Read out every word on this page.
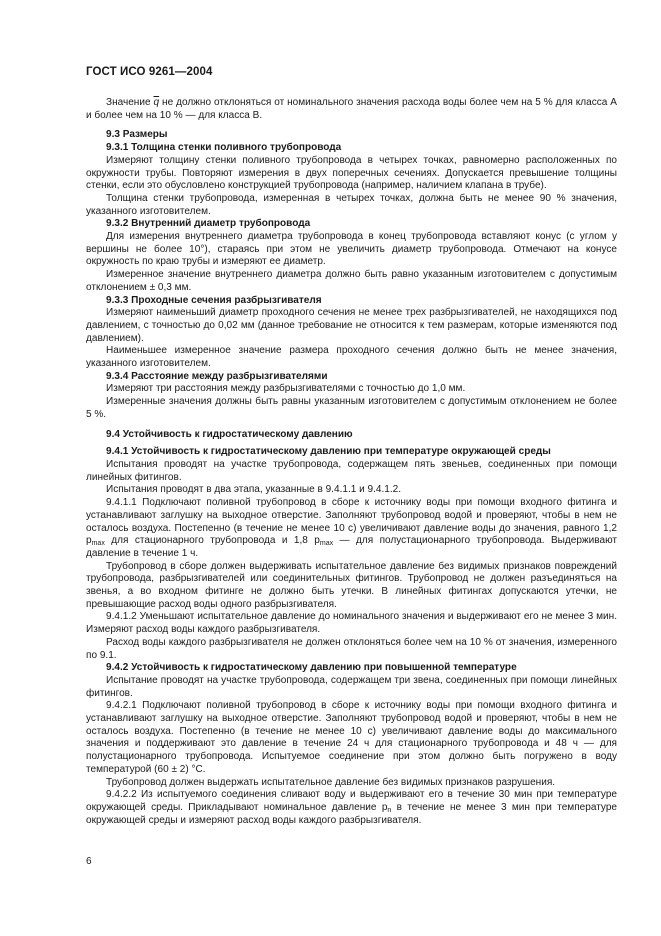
ГОСТ ИСО 9261—2004

Значение $\overline{q}$ не должно отклоняться от номинального значения расхода воды более чем на 5 % для класса А и более чем на 10 % — для класса В.

9.3 Размеры

9.3.1 Толщина стенки поливного трубопровода

Измеряют толщину стенки поливного трубопровода в четырех точках, равномерно расположенных по окружности трубы. Повторяют измерения в двух поперечных сечениях. Допускается превышение толщины стенки, если это обусловлено конструкцией трубопровода (например, наличием клапана в трубе).

Толщина стенки трубопровода, измеренная в четырех точках, должна быть не менее 90 % значения, указанного изготовителем.

9.3.2 Внутренний диаметр трубопровода

Для измерения внутреннего диаметра трубопровода в конец трубопровода вставляют конус (с углом у вершины не более 10°), стараясь при этом не увеличить диаметр трубопровода. Отмечают на конусе окружность по краю трубы и измеряют ее диаметр.

Измеренное значение внутреннего диаметра должно быть равно указанным изготовителем с допустимым отклонением ± 0,3 мм.

9.3.3 Проходные сечения разбрызгивателя

Измеряют наименьший диаметр проходного сечения не менее трех разбрызгивателей, не находящихся под давлением, с точностью до 0,02 мм (данное требование не относится к тем размерам, которые изменяются под давлением).

Наименьшее измеренное значение размера проходного сечения должно быть не менее значения, указанного изготовителем.

9.3.4 Расстояние между разбрызгивателями

Измеряют три расстояния между разбрызгивателями с точностью до 1,0 мм.

Измеренные значения должны быть равны указанным изготовителем с допустимым отклонением не более 5 %.

9.4 Устойчивость к гидростатическому давлению

9.4.1 Устойчивость к гидростатическому давлению при температуре окружающей среды

Испытания проводят на участке трубопровода, содержащем пять звеньев, соединенных при помощи линейных фитингов.

Испытания проводят в два этапа, указанные в 9.4.1.1 и 9.4.1.2.

9.4.1.1 Подключают поливной трубопровод в сборе к источнику воды при помощи входного фитинга и устанавливают заглушку на выходное отверстие. Заполняют трубопровод водой и проверяют, чтобы в нем не осталось воздуха. Постепенно (в течение не менее 10 с) увеличивают давление воды до значения, равного 1,2 $p_{max}$ для стационарного трубопровода и 1,8 $p_{max}$ — для полустационарного трубопровода. Выдерживают давление в течение 1 ч.

Трубопровод в сборе должен выдерживать испытательное давление без видимых признаков повреждений трубопровода, разбрызгивателей или соединительных фитингов. Трубопровод не должен разъединяться на звенья, а во входном фитинге не должно быть утечки. В линейных фитингах допускаются утечки, не превышающие расход воды одного разбрызгивателя.

9.4.1.2 Уменьшают испытательное давление до номинального значения и выдерживают его не менее 3 мин. Измеряют расход воды каждого разбрызгивателя.

Расход воды каждого разбрызгивателя не должен отклоняться более чем на 10 % от значения, измеренного по 9.1.

9.4.2 Устойчивость к гидростатическому давлению при повышенной температуре

Испытание проводят на участке трубопровода, содержащем три звена, соединенных при помощи линейных фитингов.

9.4.2.1 Подключают поливной трубопровод в сборе к источнику воды при помощи входного фитинга и устанавливают заглушку на выходное отверстие. Заполняют трубопровод водой и проверяют, чтобы в нем не осталось воздуха. Постепенно (в течение не менее 10 с) увеличивают давление воды до максимального значения и поддерживают это давление в течение 24 ч для стационарного трубопровода и 48 ч — для полустационарного трубопровода. Испытуемое соединение при этом должно быть погружено в воду температурой (60 ± 2) °С.

Трубопровод должен выдержать испытательное давление без видимых признаков разрушения.

9.4.2.2 Из испытуемого соединения сливают воду и выдерживают его в течение 30 мин при температуре окружающей среды. Прикладывают номинальное давление $p_n$ в течение не менее 3 мин при температуре окружающей среды и измеряют расход воды каждого разбрызгивателя.

6
